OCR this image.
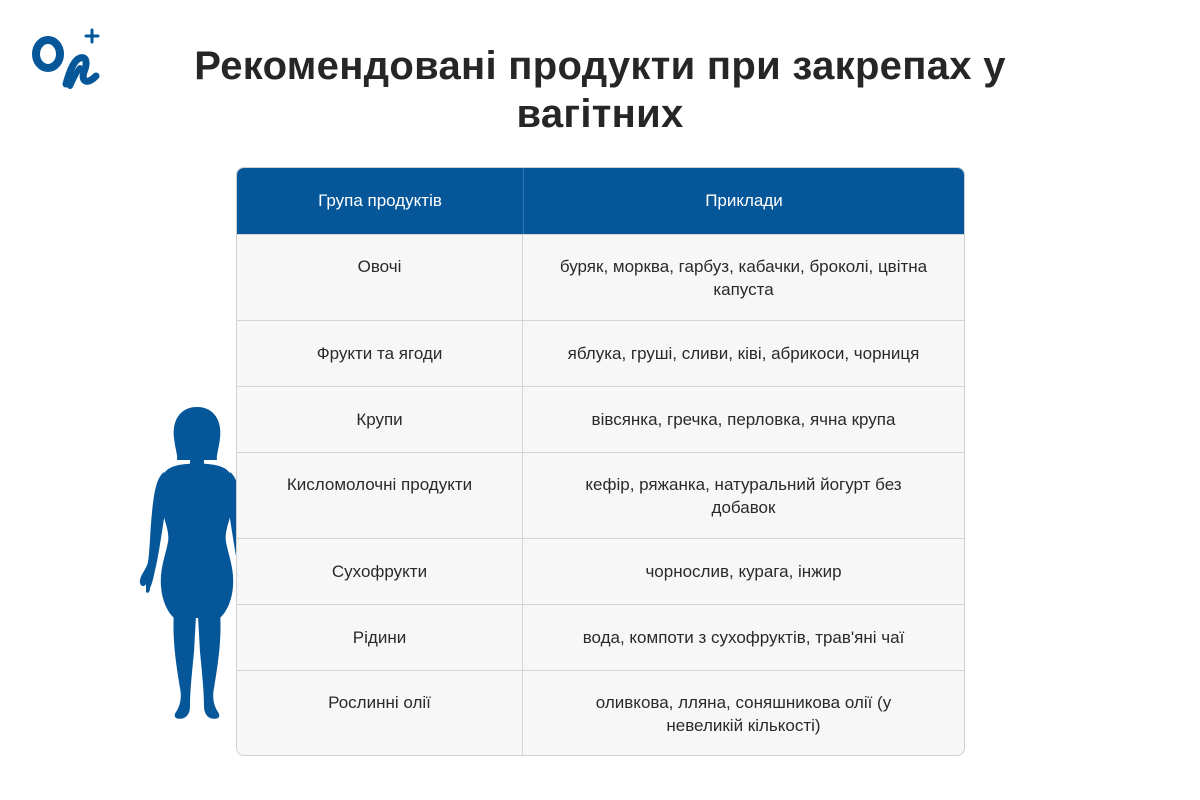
Рекомендовані продукти при закрепах у вагітних
Група продуктів	Приклади
Овочі	буряк, морква, гарбуз, кабачки, броколі, цвітна капуста
Фрукти та ягоди	яблука, груші, сливи, ківі, абрикоси, чорниця
Крупи	вівсянка, гречка, перловка, ячна крупа
Кисломолочні продукти	кефір, ряжанка, натуральний йогурт без добавок
Сухофрукти	чорнослив, курага, інжир
Рідини	вода, компоти з сухофруктів, трав'яні чаї
Рослинні олії	оливкова, лляна, соняшникова олії (у невеликій кількості)
